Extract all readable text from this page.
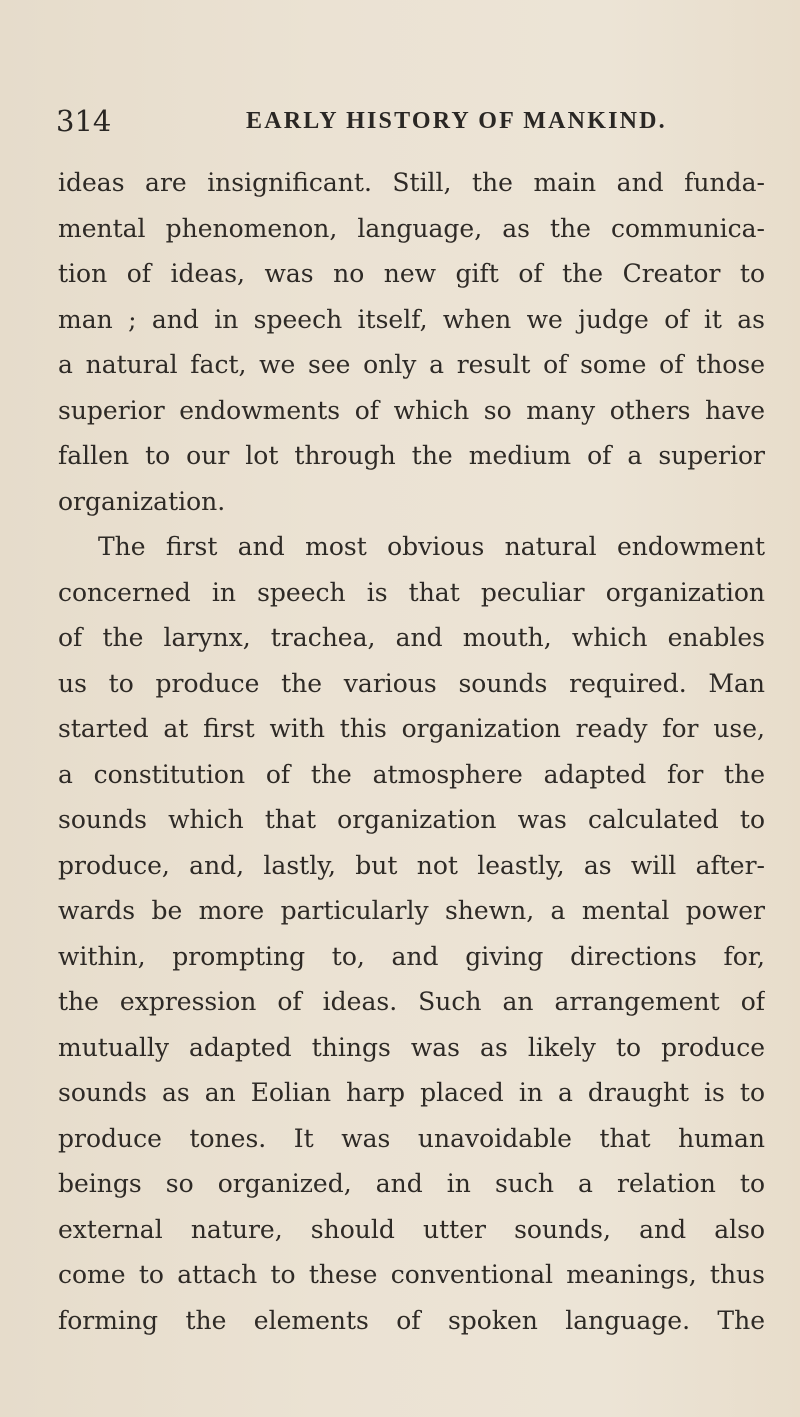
314	EARLY HISTORY OF MANKIND.
ideas are insignificant. Still, the main and funda-
mental phenomenon, language, as the communica-
tion of ideas, was no new gift of the Creator to
man ; and in speech itself, when we judge of it as
a natural fact, we see only a result of some of those
superior endowments of which so many others have
fallen to our lot through the medium of a superior
organization.
The first and most obvious natural endowment
concerned in speech is that peculiar organization
of the larynx, trachea, and mouth, which enables
us to produce the various sounds required. Man
started at first with this organization ready for use,
a constitution of the atmosphere adapted for the
sounds which that organization was calculated to
produce, and, lastly, but not leastly, as will after-
wards be more particularly shewn, a mental power
within, prompting to, and giving directions for,
the expression of ideas. Such an arrangement of
mutually adapted things was as likely to produce
sounds as an Eolian harp placed in a draught is to
produce tones. It was unavoidable that human
beings so organized, and in such a relation to
external nature, should utter sounds, and also
come to attach to these conventional meanings, thus
forming the elements of spoken language. The
